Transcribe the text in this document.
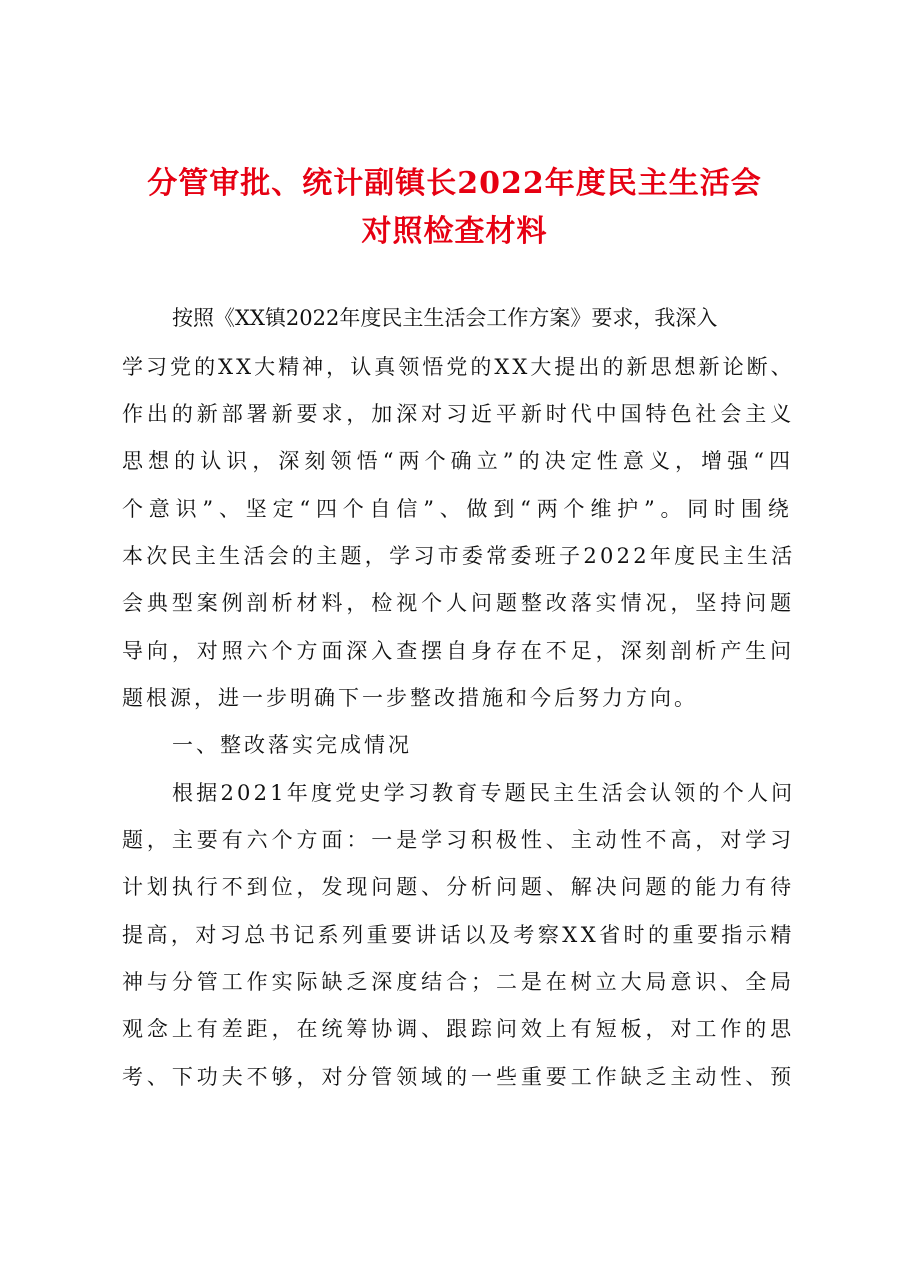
分管审批、统计副镇长2022年度民主生活会
对照检查材料
按照《XX镇2022年度民主生活会工作方案》要求，我深入
学习党的XX大精神，认真领悟党的XX大提出的新思想新论断、
作出的新部署新要求，加深对习近平新时代中国特色社会主义
思想的认识，深刻领悟“两个确立”的决定性意义，增强“四
个意识”、坚定“四个自信”、做到“两个维护”。同时围绕
本次民主生活会的主题，学习市委常委班子2022年度民主生活
会典型案例剖析材料，检视个人问题整改落实情况，坚持问题
导向，对照六个方面深入查摆自身存在不足，深刻剖析产生问
题根源，进一步明确下一步整改措施和今后努力方向。
一、整改落实完成情况
根据2021年度党史学习教育专题民主生活会认领的个人问
题，主要有六个方面：一是学习积极性、主动性不高，对学习
计划执行不到位，发现问题、分析问题、解决问题的能力有待
提高，对习总书记系列重要讲话以及考察XX省时的重要指示精
神与分管工作实际缺乏深度结合；二是在树立大局意识、全局
观念上有差距，在统筹协调、跟踪问效上有短板，对工作的思
考、下功夫不够，对分管领域的一些重要工作缺乏主动性、预
